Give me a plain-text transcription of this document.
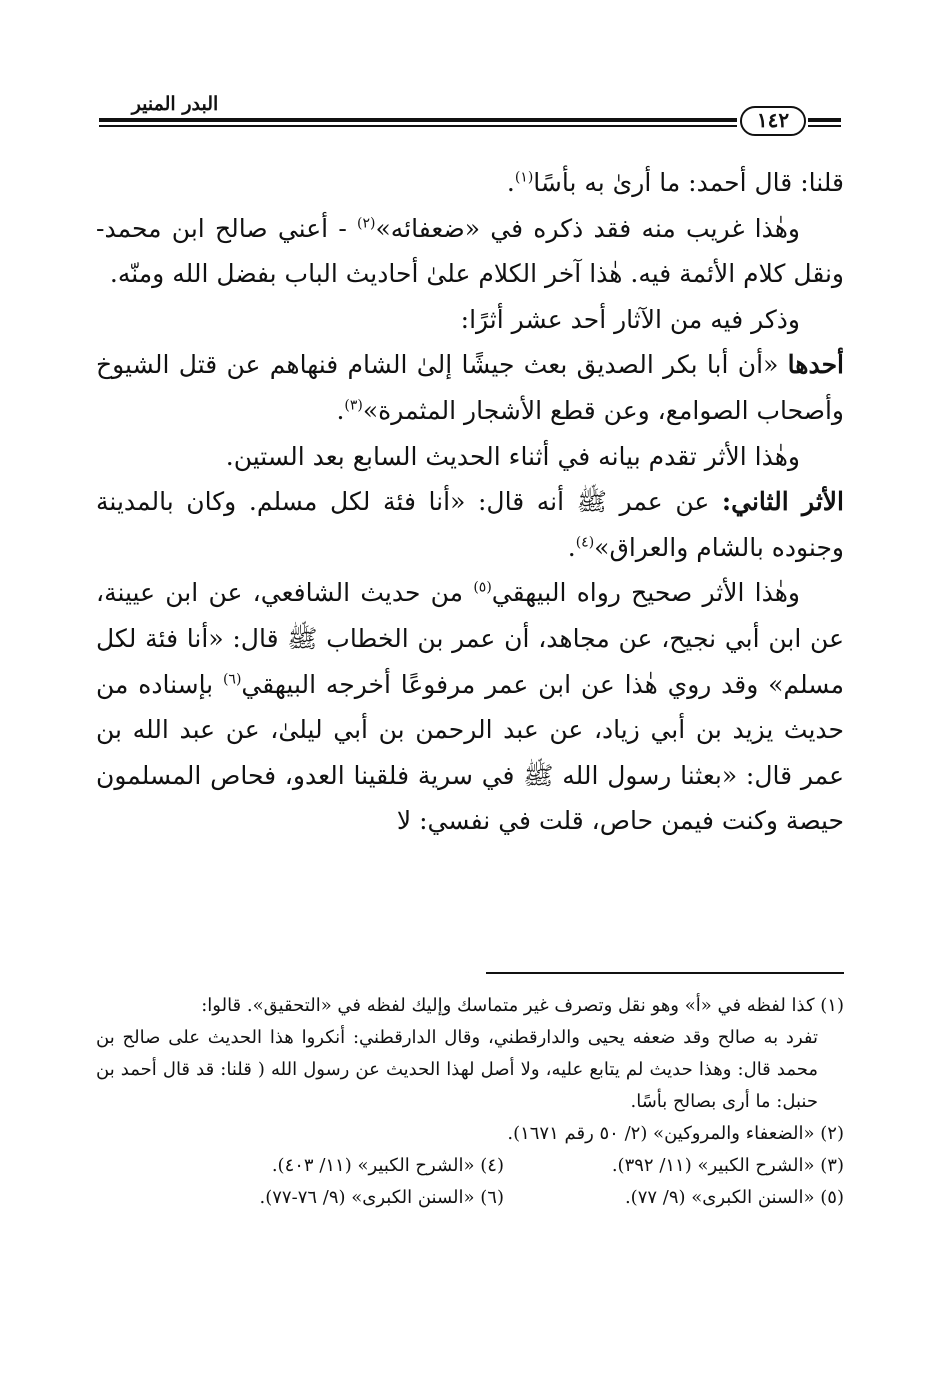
البدر المنير
١٤٢

قلنا: قال أحمد: ما أرىٰ به بأسًا$^{(١)}$.

وهٰذا غريب منه فقد ذكره في «ضعفائه»$^{(٢)}$ - أعني صالح ابن محمد- ونقل كلام الأئمة فيه. هٰذا آخر الكلام علىٰ أحاديث الباب بفضل الله ومنّه.

وذكر فيه من الآثار أحد عشر أثرًا:

أحدها «أن أبا بكر الصديق بعث جيشًا إلىٰ الشام فنهاهم عن قتل الشيوخ وأصحاب الصوامع، وعن قطع الأشجار المثمرة»$^{(٣)}$.

وهٰذا الأثر تقدم بيانه في أثناء الحديث السابع بعد الستين.

الأثر الثاني: عن عمر ﷺ أنه قال: «أنا فئة لكل مسلم. وكان بالمدينة وجنوده بالشام والعراق»$^{(٤)}$.

وهٰذا الأثر صحيح رواه البيهقي$^{(٥)}$ من حديث الشافعي، عن ابن عيينة، عن ابن أبي نجيح، عن مجاهد، أن عمر بن الخطاب ﷺ قال: «أنا فئة لكل مسلم» وقد روي هٰذا عن ابن عمر مرفوعًا أخرجه البيهقي$^{(٦)}$ بإسناده من حديث يزيد بن أبي زياد، عن عبد الرحمن بن أبي ليلىٰ، عن عبد الله بن عمر قال: «بعثنا رسول الله ﷺ في سرية فلقينا العدو، فحاص المسلمون حيصة وكنت فيمن حاص، قلت في نفسي: لا

(١) كذا لفظه في «أ» وهو نقل وتصرف غير متماسك وإليك لفظه في «التحقيق». قالوا:

تفرد به صالح وقد ضعفه يحيى والدارقطني، وقال الدارقطني: أنكروا هذا الحديث على صالح بن محمد قال: وهذا حديث لم يتابع عليه، ولا أصل لهذا الحديث عن رسول الله ( قلنا: قد قال أحمد بن حنبل: ما أرى بصالح بأسًا.

(٢) «الضعفاء والمروكين» (٢/ ٥٠ رقم ١٦٧١).

(٣) «الشرح الكبير» (١١/ ٣٩٢).
(٤) «الشرح الكبير» (١١/ ٤٠٣).
(٥) «السنن الكبرى» (٩/ ٧٧).
(٦) «السنن الكبرى» (٩/ ٧٦-٧٧).
